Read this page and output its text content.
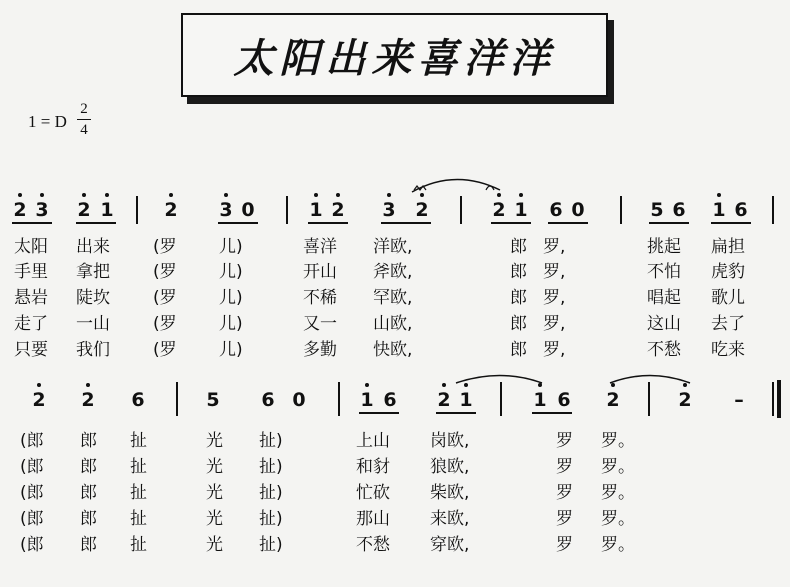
太阳出来喜洋洋
1 = D
2
4
2 3 2 1	2 3 0	1 2 3 2	2 1 6 0	5 6 1 6
太阳 出来	(罗 儿)	喜洋 洋欧,	郎 罗,	挑起 扁担
手里 拿把	(罗 儿)	开山 斧欧,	郎 罗,	不怕 虎豹
悬岩 陡坎	(罗 儿)	不稀 罕欧,	郎 罗,	唱起 歌儿
走了 一山	(罗 儿)	又一 山欧,	郎 罗,	这山 去了
只要 我们	(罗 儿)	多勤 快欧,	郎 罗,	不愁 吃来
2 2 6	5 6 0	1 6 2 1	1 6 2	2 –
(郎 郎 扯	光 扯)	上山 岗欧,	罗 罗。
(郎 郎 扯	光 扯)	和豺 狼欧,	罗 罗。
(郎 郎 扯	光 扯)	忙砍 柴欧,	罗 罗。
(郎 郎 扯	光 扯)	那山 来欧,	罗 罗。
(郎 郎 扯	光 扯)	不愁 穿欧,	罗 罗。
